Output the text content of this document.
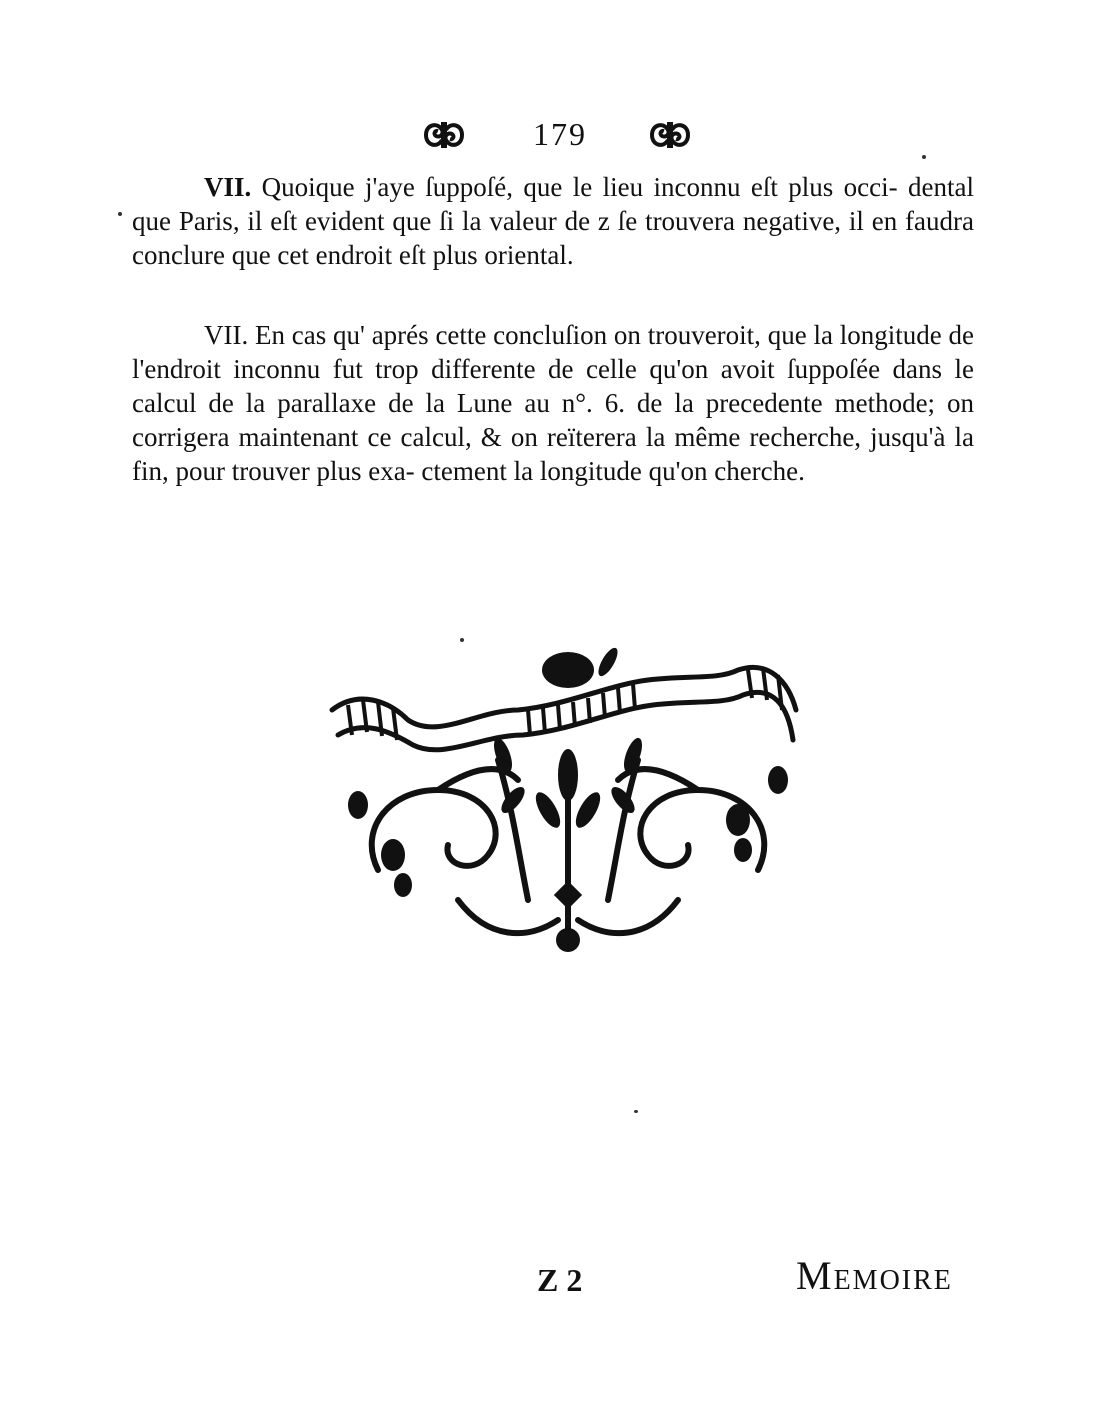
179

VII. Quoique j'aye ſuppoſé, que le lieu inconnu eſt plus occi- dental que Paris, il eſt evident que ſi la valeur de z ſe trouvera negative, il en faudra conclure que cet endroit eſt plus oriental.

VII. En cas qu' aprés cette concluſion on trouveroit, que la longitude de l'endroit inconnu fut trop differente de celle qu'on avoit ſuppoſée dans le calcul de la parallaxe de la Lune au n°. 6. de la precedente methode; on corrigera maintenant ce calcul, & on reïterera la même recherche, jusqu'à la fin, pour trouver plus exa- ctement la longitude qu'on cherche.

Z 2	Memoire
